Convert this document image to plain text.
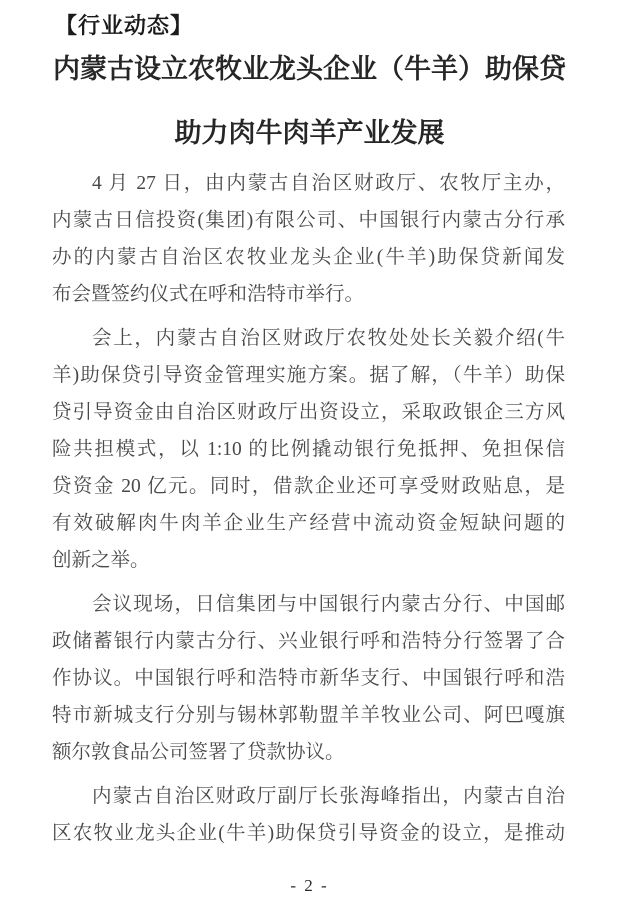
【行业动态】
内蒙古设立农牧业龙头企业（牛羊）助保贷
助力肉牛肉羊产业发展
4 月 27 日，由内蒙古自治区财政厅、农牧厅主办，
内蒙古日信投资(集团)有限公司、中国银行内蒙古分行承
办的内蒙古自治区农牧业龙头企业(牛羊)助保贷新闻发
布会暨签约仪式在呼和浩特市举行。
会上，内蒙古自治区财政厅农牧处处长关毅介绍(牛
羊)助保贷引导资金管理实施方案。据了解，（牛羊）助保
贷引导资金由自治区财政厅出资设立，采取政银企三方风
险共担模式，以 1:10 的比例撬动银行免抵押、免担保信
贷资金 20 亿元。同时，借款企业还可享受财政贴息，是
有效破解肉牛肉羊企业生产经营中流动资金短缺问题的
创新之举。
会议现场，日信集团与中国银行内蒙古分行、中国邮
政储蓄银行内蒙古分行、兴业银行呼和浩特分行签署了合
作协议。中国银行呼和浩特市新华支行、中国银行呼和浩
特市新城支行分别与锡林郭勒盟羊羊牧业公司、阿巴嘎旗
额尔敦食品公司签署了贷款协议。
内蒙古自治区财政厅副厅长张海峰指出，内蒙古自治
区农牧业龙头企业(牛羊)助保贷引导资金的设立，是推动
- 2 -
